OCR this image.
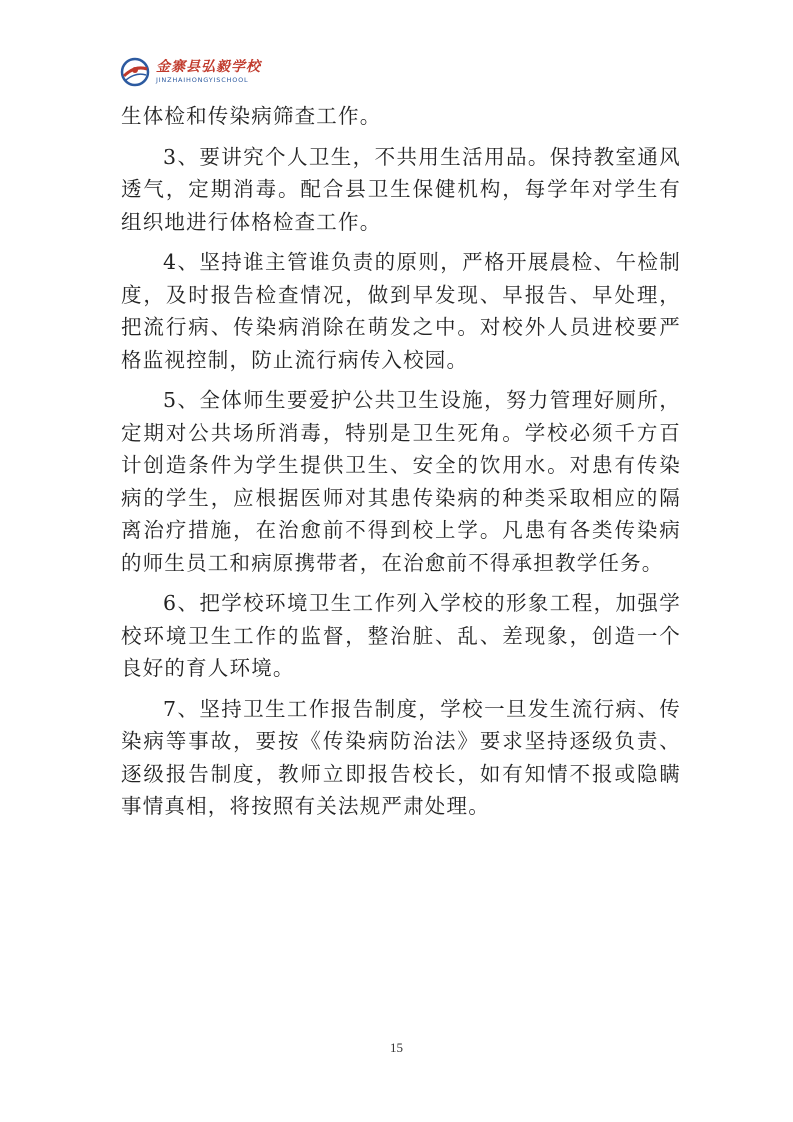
金寨县弘毅学校
JINZHAIHONGYISCHOOL

生体检和传染病筛查工作。

3、要讲究个人卫生，不共用生活用品。保持教室通风透气，定期消毒。配合县卫生保健机构，每学年对学生有组织地进行体格检查工作。

4、坚持谁主管谁负责的原则，严格开展晨检、午检制度，及时报告检查情况，做到早发现、早报告、早处理，把流行病、传染病消除在萌发之中。对校外人员进校要严格监视控制，防止流行病传入校园。

5、全体师生要爱护公共卫生设施，努力管理好厕所，定期对公共场所消毒，特别是卫生死角。学校必须千方百计创造条件为学生提供卫生、安全的饮用水。对患有传染病的学生，应根据医师对其患传染病的种类采取相应的隔离治疗措施，在治愈前不得到校上学。凡患有各类传染病的师生员工和病原携带者，在治愈前不得承担教学任务。

6、把学校环境卫生工作列入学校的形象工程，加强学校环境卫生工作的监督，整治脏、乱、差现象，创造一个良好的育人环境。

7、坚持卫生工作报告制度，学校一旦发生流行病、传染病等事故，要按《传染病防治法》要求坚持逐级负责、逐级报告制度，教师立即报告校长，如有知情不报或隐瞒事情真相，将按照有关法规严肃处理。

15
